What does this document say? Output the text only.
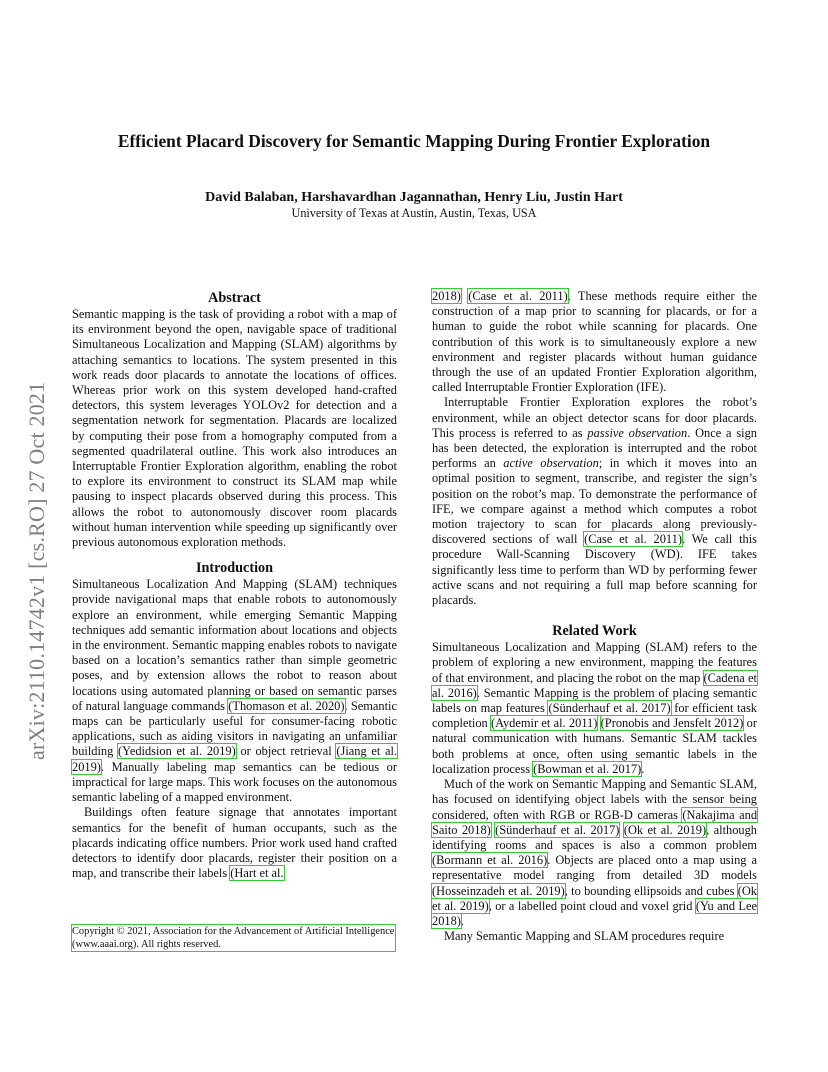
Efficient Placard Discovery for Semantic Mapping During Frontier Exploration
David Balaban, Harshavardhan Jagannathan, Henry Liu, Justin Hart
University of Texas at Austin, Austin, Texas, USA
arXiv:2110.14742v1 [cs.RO] 27 Oct 2021
Abstract

Semantic mapping is the task of providing a robot with a map of its environment beyond the open, navigable space of traditional Simultaneous Localization and Mapping (SLAM) algorithms by attaching semantics to locations. The system presented in this work reads door placards to annotate the locations of offices. Whereas prior work on this system developed hand-crafted detectors, this system leverages YOLOv2 for detection and a segmentation network for segmentation. Placards are localized by computing their pose from a homography computed from a segmented quadrilateral outline. This work also introduces an Interruptable Frontier Exploration algorithm, enabling the robot to explore its environment to construct its SLAM map while pausing to inspect placards observed during this process. This allows the robot to autonomously discover room placards without human intervention while speeding up significantly over previous autonomous exploration methods.

Introduction

Simultaneous Localization And Mapping (SLAM) techniques provide navigational maps that enable robots to autonomously explore an environment, while emerging Semantic Mapping techniques add semantic information about locations and objects in the environment. Semantic mapping enables robots to navigate based on a location’s semantics rather than simple geometric poses, and by extension allows the robot to reason about locations using automated planning or based on semantic parses of natural language commands (Thomason et al. 2020). Semantic maps can be particularly useful for consumer-facing robotic applications, such as aiding visitors in navigating an unfamiliar building (Yedidsion et al. 2019) or object retrieval (Jiang et al. 2019). Manually labeling map semantics can be tedious or impractical for large maps. This work focuses on the autonomous semantic labeling of a mapped environment.

Buildings often feature signage that annotates important semantics for the benefit of human occupants, such as the placards indicating office numbers. Prior work used hand crafted detectors to identify door placards, register their position on a map, and transcribe their labels (Hart et al.

Copyright © 2021, Association for the Advancement of Artificial Intelligence (www.aaai.org). All rights reserved.

2018) (Case et al. 2011). These methods require either the construction of a map prior to scanning for placards, or for a human to guide the robot while scanning for placards. One contribution of this work is to simultaneously explore a new environment and register placards without human guidance through the use of an updated Frontier Exploration algorithm, called Interruptable Frontier Exploration (IFE).

Interruptable Frontier Exploration explores the robot’s environment, while an object detector scans for door placards. This process is referred to as passive observation. Once a sign has been detected, the exploration is interrupted and the robot performs an active observation; in which it moves into an optimal position to segment, transcribe, and register the sign’s position on the robot’s map. To demonstrate the performance of IFE, we compare against a method which computes a robot motion trajectory to scan for placards along previously-discovered sections of wall (Case et al. 2011). We call this procedure Wall-Scanning Discovery (WD). IFE takes significantly less time to perform than WD by performing fewer active scans and not requiring a full map before scanning for placards.

Related Work

Simultaneous Localization and Mapping (SLAM) refers to the problem of exploring a new environment, mapping the features of that environment, and placing the robot on the map (Cadena et al. 2016). Semantic Mapping is the problem of placing semantic labels on map features (Sünderhauf et al. 2017) for efficient task completion (Aydemir et al. 2011) (Pronobis and Jensfelt 2012) or natural communication with humans. Semantic SLAM tackles both problems at once, often using semantic labels in the localization process (Bowman et al. 2017).

Much of the work on Semantic Mapping and Semantic SLAM, has focused on identifying object labels with the sensor being considered, often with RGB or RGB-D cameras (Nakajima and Saito 2018) (Sünderhauf et al. 2017) (Ok et al. 2019), although identifying rooms and spaces is also a common problem (Bormann et al. 2016). Objects are placed onto a map using a representative model ranging from detailed 3D models (Hosseinzadeh et al. 2019), to bounding ellipsoids and cubes (Ok et al. 2019), or a labelled point cloud and voxel grid (Yu and Lee 2018).

Many Semantic Mapping and SLAM procedures require
